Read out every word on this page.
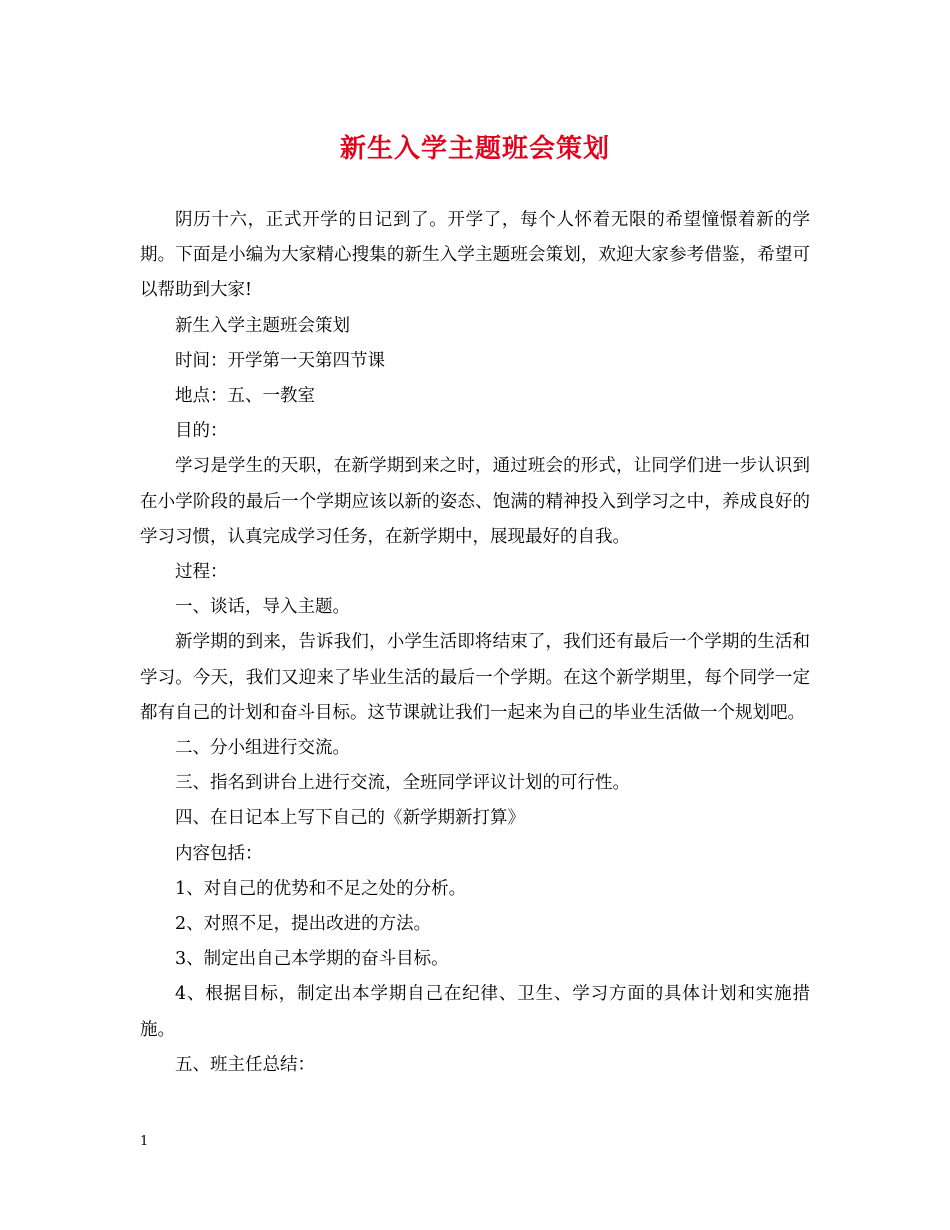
新生入学主题班会策划

阴历十六，正式开学的日记到了。开学了，每个人怀着无限的希望憧憬着新的学期。下面是小编为大家精心搜集的新生入学主题班会策划，欢迎大家参考借鉴，希望可以帮助到大家!

新生入学主题班会策划

时间：开学第一天第四节课

地点：五、一教室

目的：

学习是学生的天职，在新学期到来之时，通过班会的形式，让同学们进一步认识到在小学阶段的最后一个学期应该以新的姿态、饱满的精神投入到学习之中，养成良好的学习习惯，认真完成学习任务，在新学期中，展现最好的自我。

过程：

一、谈话，导入主题。

新学期的到来，告诉我们，小学生活即将结束了，我们还有最后一个学期的生活和学习。今天，我们又迎来了毕业生活的最后一个学期。在这个新学期里，每个同学一定都有自己的计划和奋斗目标。这节课就让我们一起来为自己的毕业生活做一个规划吧。

二、分小组进行交流。

三、指名到讲台上进行交流，全班同学评议计划的可行性。

四、在日记本上写下自己的《新学期新打算》

内容包括：

1、对自己的优势和不足之处的分析。

2、对照不足，提出改进的方法。

3、制定出自己本学期的奋斗目标。

4、根据目标，制定出本学期自己在纪律、卫生、学习方面的具体计划和实施措施。

五、班主任总结：

1
